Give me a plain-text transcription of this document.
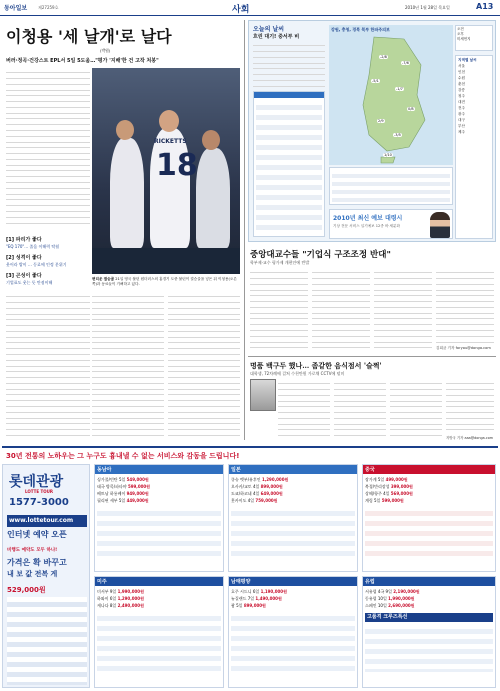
동아일보	제27259호	사회	2010년 1월 28일 목요일	A13
이청용 '세 날개'로 날다
(박원)
버러·정곡·건강스트 EPL서 5일 5도움…"평가 '지배'한 건 고작 처봉"
[1] 파리가 좋다
"EQ 170"… 졸음 이해력 탁월
[2] 성격이 좋다
웃어라 밥이 … 동료에 인정 분위기
[3] 곤성이 좋다
기업표도 웃는 듯 만점이해
RICKETTS
18
변리운 결승골 21일 영국 불턴 원더러스의 홈경기 도중 불턴이 결승골을 넣은 뒤 이청용(오른쪽)과 동료들이 기뻐하고 있다.
오늘의 날씨
흐린 대기! 중서부 비
강원, 충청, 경북 북부 한파주의보
-2/8
-7/6
-5/1
-1/7
0/8
2/9
-3/5
1/10
오전
오후
미세먼지
지역별 날씨
서울
인천
수원
춘천
강릉
청주
대전
전주
광주
대구
부산
제주
2010년 최신 예보 대령시
기상 전문 서비스 일기예보 12종 바 세분화
중앙대교수들 "기업식 구조조정 반대"
학부제·교수 평가제 개편안에 반발
김희균 기자 foryou@donga.com
명품 백구두 했나… 좀같한 음식점서 '슬쩍'
대학생, 72차례에 걸쳐 수천만원 가로채 CCTV에 덜미
지방국 기자 aaa@donga.com
30년 전통의 노하우는 그 누구도 흉내낼 수 없는 서비스와 감동을 드립니다!
롯데관광
LOTTE TOUR
1577-3000
www.lottetour.com
인터넷 예약 오픈
비행도 예약도 모두 하나!
가격은 확 바꾸고
내 보 값 전복 게
529,000원
동남아
싱가폴/빈탄 5일 549,000원
태국 방콕/파타야 599,000원
베트남 하롱베이 949,000원
필리핀 세부 5일 449,000원
일본
큐슈 벳부/유후인 1,290,000원
오사카/교토 4일 899,000원
도쿄/하코네 4일 649,000원
홋카이도 4일 759,000원
중국
장가계 5일 499,000원
북경/만리장성 399,000원
상해/항주 4일 569,000원
계림 5일 599,000원
미주
미서부 9일 1,990,000원
하와이 6일 1,290,000원
캐나다 8일 2,490,000원
남태평양
호주 시드니 6일 1,190,000원
뉴질랜드 7일 1,490,000원
괌 5일 899,000원
유럽
서유럽 4국 9일 2,190,000원
동유럽 10일 1,990,000원
스페인 10일 2,690,000원
고품격 크루즈특선
